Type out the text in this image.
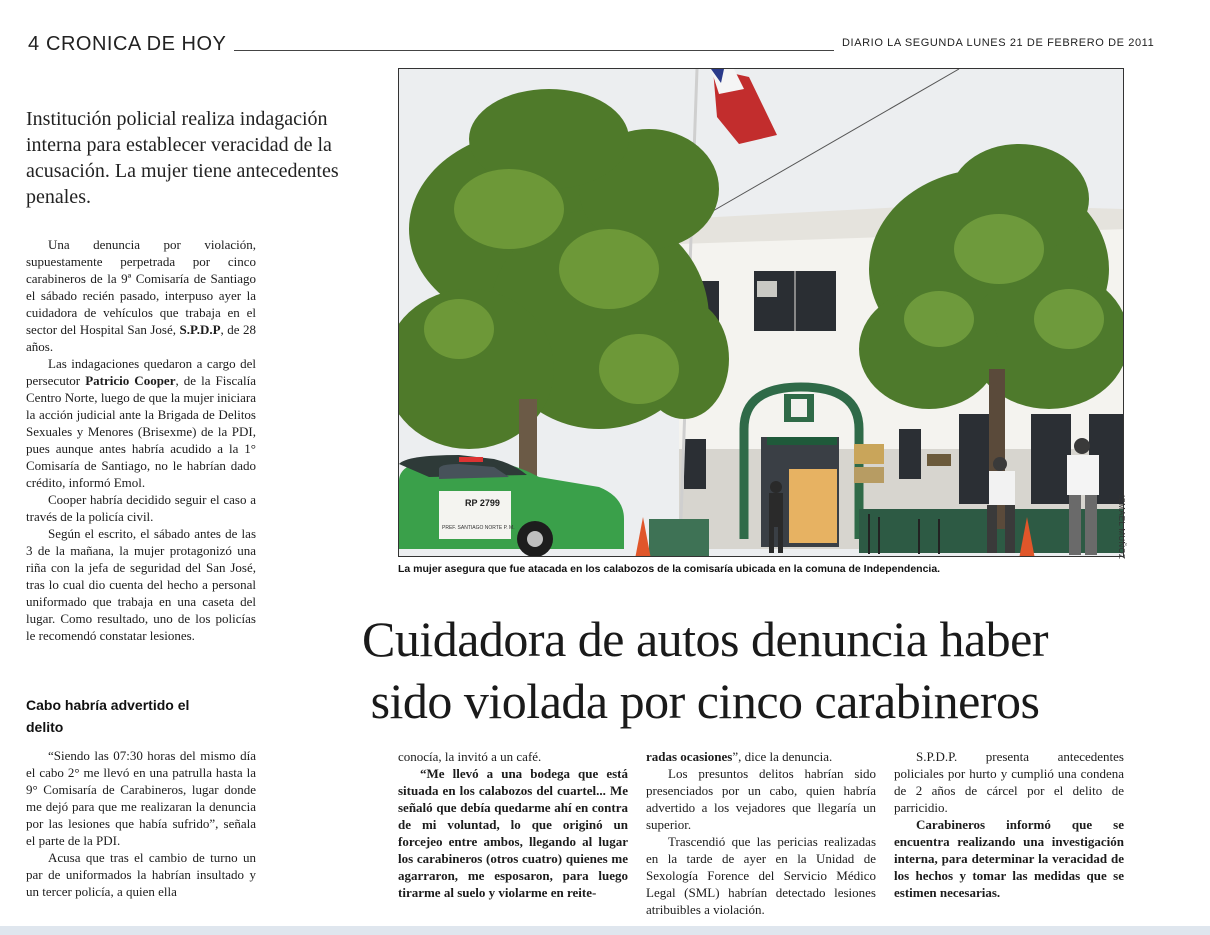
4 CRONICA DE HOY	DIARIO LA SEGUNDA LUNES 21 DE FEBRERO DE 2011
Institución policial realiza indagación interna para establecer veracidad de la acusación. La mujer tiene antecedentes penales.

Una denuncia por violación, supuestamente perpetrada por cinco carabineros de la 9ª Comisaría de Santiago el sábado recién pasado, interpuso ayer la cuidadora de vehículos que trabaja en el sector del Hospital San José, S.P.D.P, de 28 años.

Las indagaciones quedaron a cargo del persecutor Patricio Cooper, de la Fiscalía Centro Norte, luego de que la mujer iniciara la acción judicial ante la Brigada de Delitos Sexuales y Menores (Brisexme) de la PDI, pues aunque antes habría acudido a la 1° Comisaría de Santiago, no le habrían dado crédito, informó Emol.

Cooper habría decidido seguir el caso a través de la policía civil.

Según el escrito, el sábado antes de las 3 de la mañana, la mujer protagonizó una riña con la jefa de seguridad del San José, tras lo cual dio cuenta del hecho a personal uniformado que trabaja en una caseta del lugar. Como resultado, uno de los policías le recomendó constatar lesiones.

Cabo habría advertido el delito

“Siendo las 07:30 horas del mismo día el cabo 2° me llevó en una patrulla hasta la 9° Comisaría de Carabineros, lugar donde me dejó para que me realizaran la denuncia por las lesiones que había sufrido”, señala el parte de la PDI.

Acusa que tras el cambio de turno un par de uniformados la habrían insultado y un tercer policía, a quien ella

RP 2799
PREF. SANTIAGO NORTE P. M.	ISMAEL MUÑOZ
La mujer asegura que fue atacada en los calabozos de la comisaría ubicada en la comuna de Independencia.
Cuidadora de autos denuncia haber
sido violada por cinco carabineros

conocía, la invitó a un café.

“Me llevó a una bodega que está situada en los calabozos del cuartel... Me señaló que debía quedarme ahí en contra de mi voluntad, lo que originó un forcejeo entre ambos, llegando al lugar los carabineros (otros cuatro) quienes me agarraron, me esposaron, para luego tirarme al suelo y violarme en reite-

radas ocasiones”, dice la denuncia.

Los presuntos delitos habrían sido presenciados por un cabo, quien habría advertido a los vejadores que llegaría un superior.

Trascendió que las pericias realizadas en la tarde de ayer en la Unidad de Sexología Forence del Servicio Médico Legal (SML) habrían detectado lesiones atribuibles a violación.

S.P.D.P. presenta antecedentes policiales por hurto y cumplió una condena de 2 años de cárcel por el delito de parricidio.

Carabineros informó que se encuentra realizando una investigación interna, para determinar la veracidad de los hechos y tomar las medidas que se estimen necesarias.
